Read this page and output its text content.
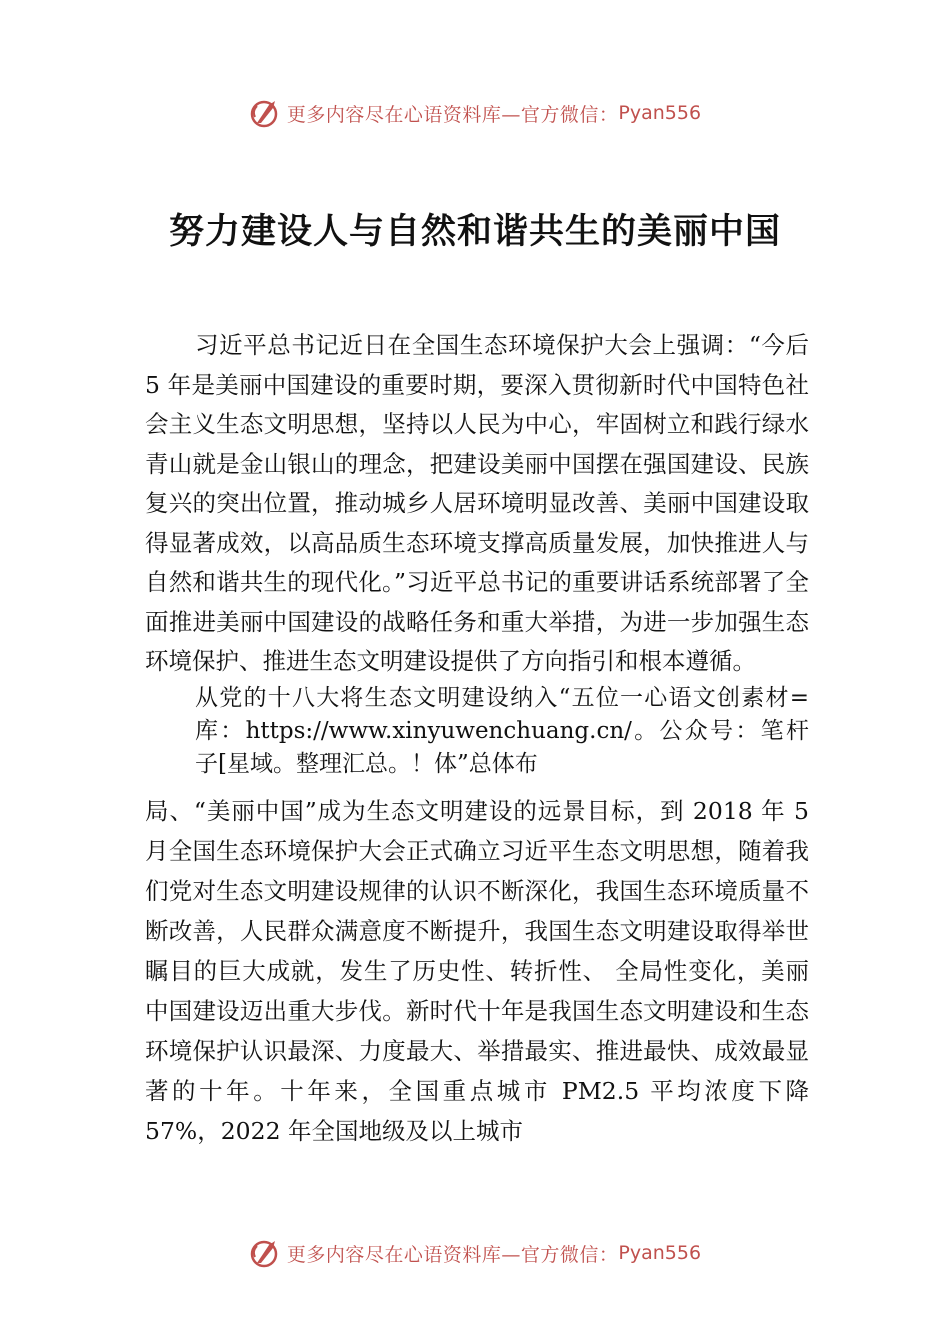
更多内容尽在心语资料库—官方微信： Pyan556
努力建设人与自然和谐共生的美丽中国

习近平总书记近日在全国生态环境保护大会上强调：“今后 5 年是美丽中国建设的重要时期，要深入贯彻新时代中国特色社会主义生态文明思想，坚持以人民为中心，牢固树立和践行绿水青山就是金山银山的理念，把建设美丽中国摆在强国建设、民族复兴的突出位置，推动城乡人居环境明显改善、美丽中国建设取得显著成效，以高品质生态环境支撑高质量发展，加快推进人与自然和谐共生的现代化。”习近平总书记的重要讲话系统部署了全面推进美丽中国建设的战略任务和重大举措，为进一步加强生态环境保护、推进生态文明建设提供了方向指引和根本遵循。

从党的十八大将生态文明建设纳入“五位一心语文创素材=库：https://www.xinyuwenchuang.cn/。公众号：笔杆子[星域。整理汇总。！体”总体布

局、“美丽中国”成为生态文明建设的远景目标，到 2018 年 5 月全国生态环境保护大会正式确立习近平生态文明思想，随着我们党对生态文明建设规律的认识不断深化，我国生态环境质量不断改善，人民群众满意度不断提升，我国生态文明建设取得举世瞩目的巨大成就，发生了历史性、转折性、 全局性变化，美丽中国建设迈出重大步伐。新时代十年是我国生态文明建设和生态环境保护认识最深、力度最大、举措最实、推进最快、成效最显著的十年。十年来，全国重点城市 PM2.5 平均浓度下降 57%，2022 年全国地级及以上城市

更多内容尽在心语资料库—官方微信： Pyan556
